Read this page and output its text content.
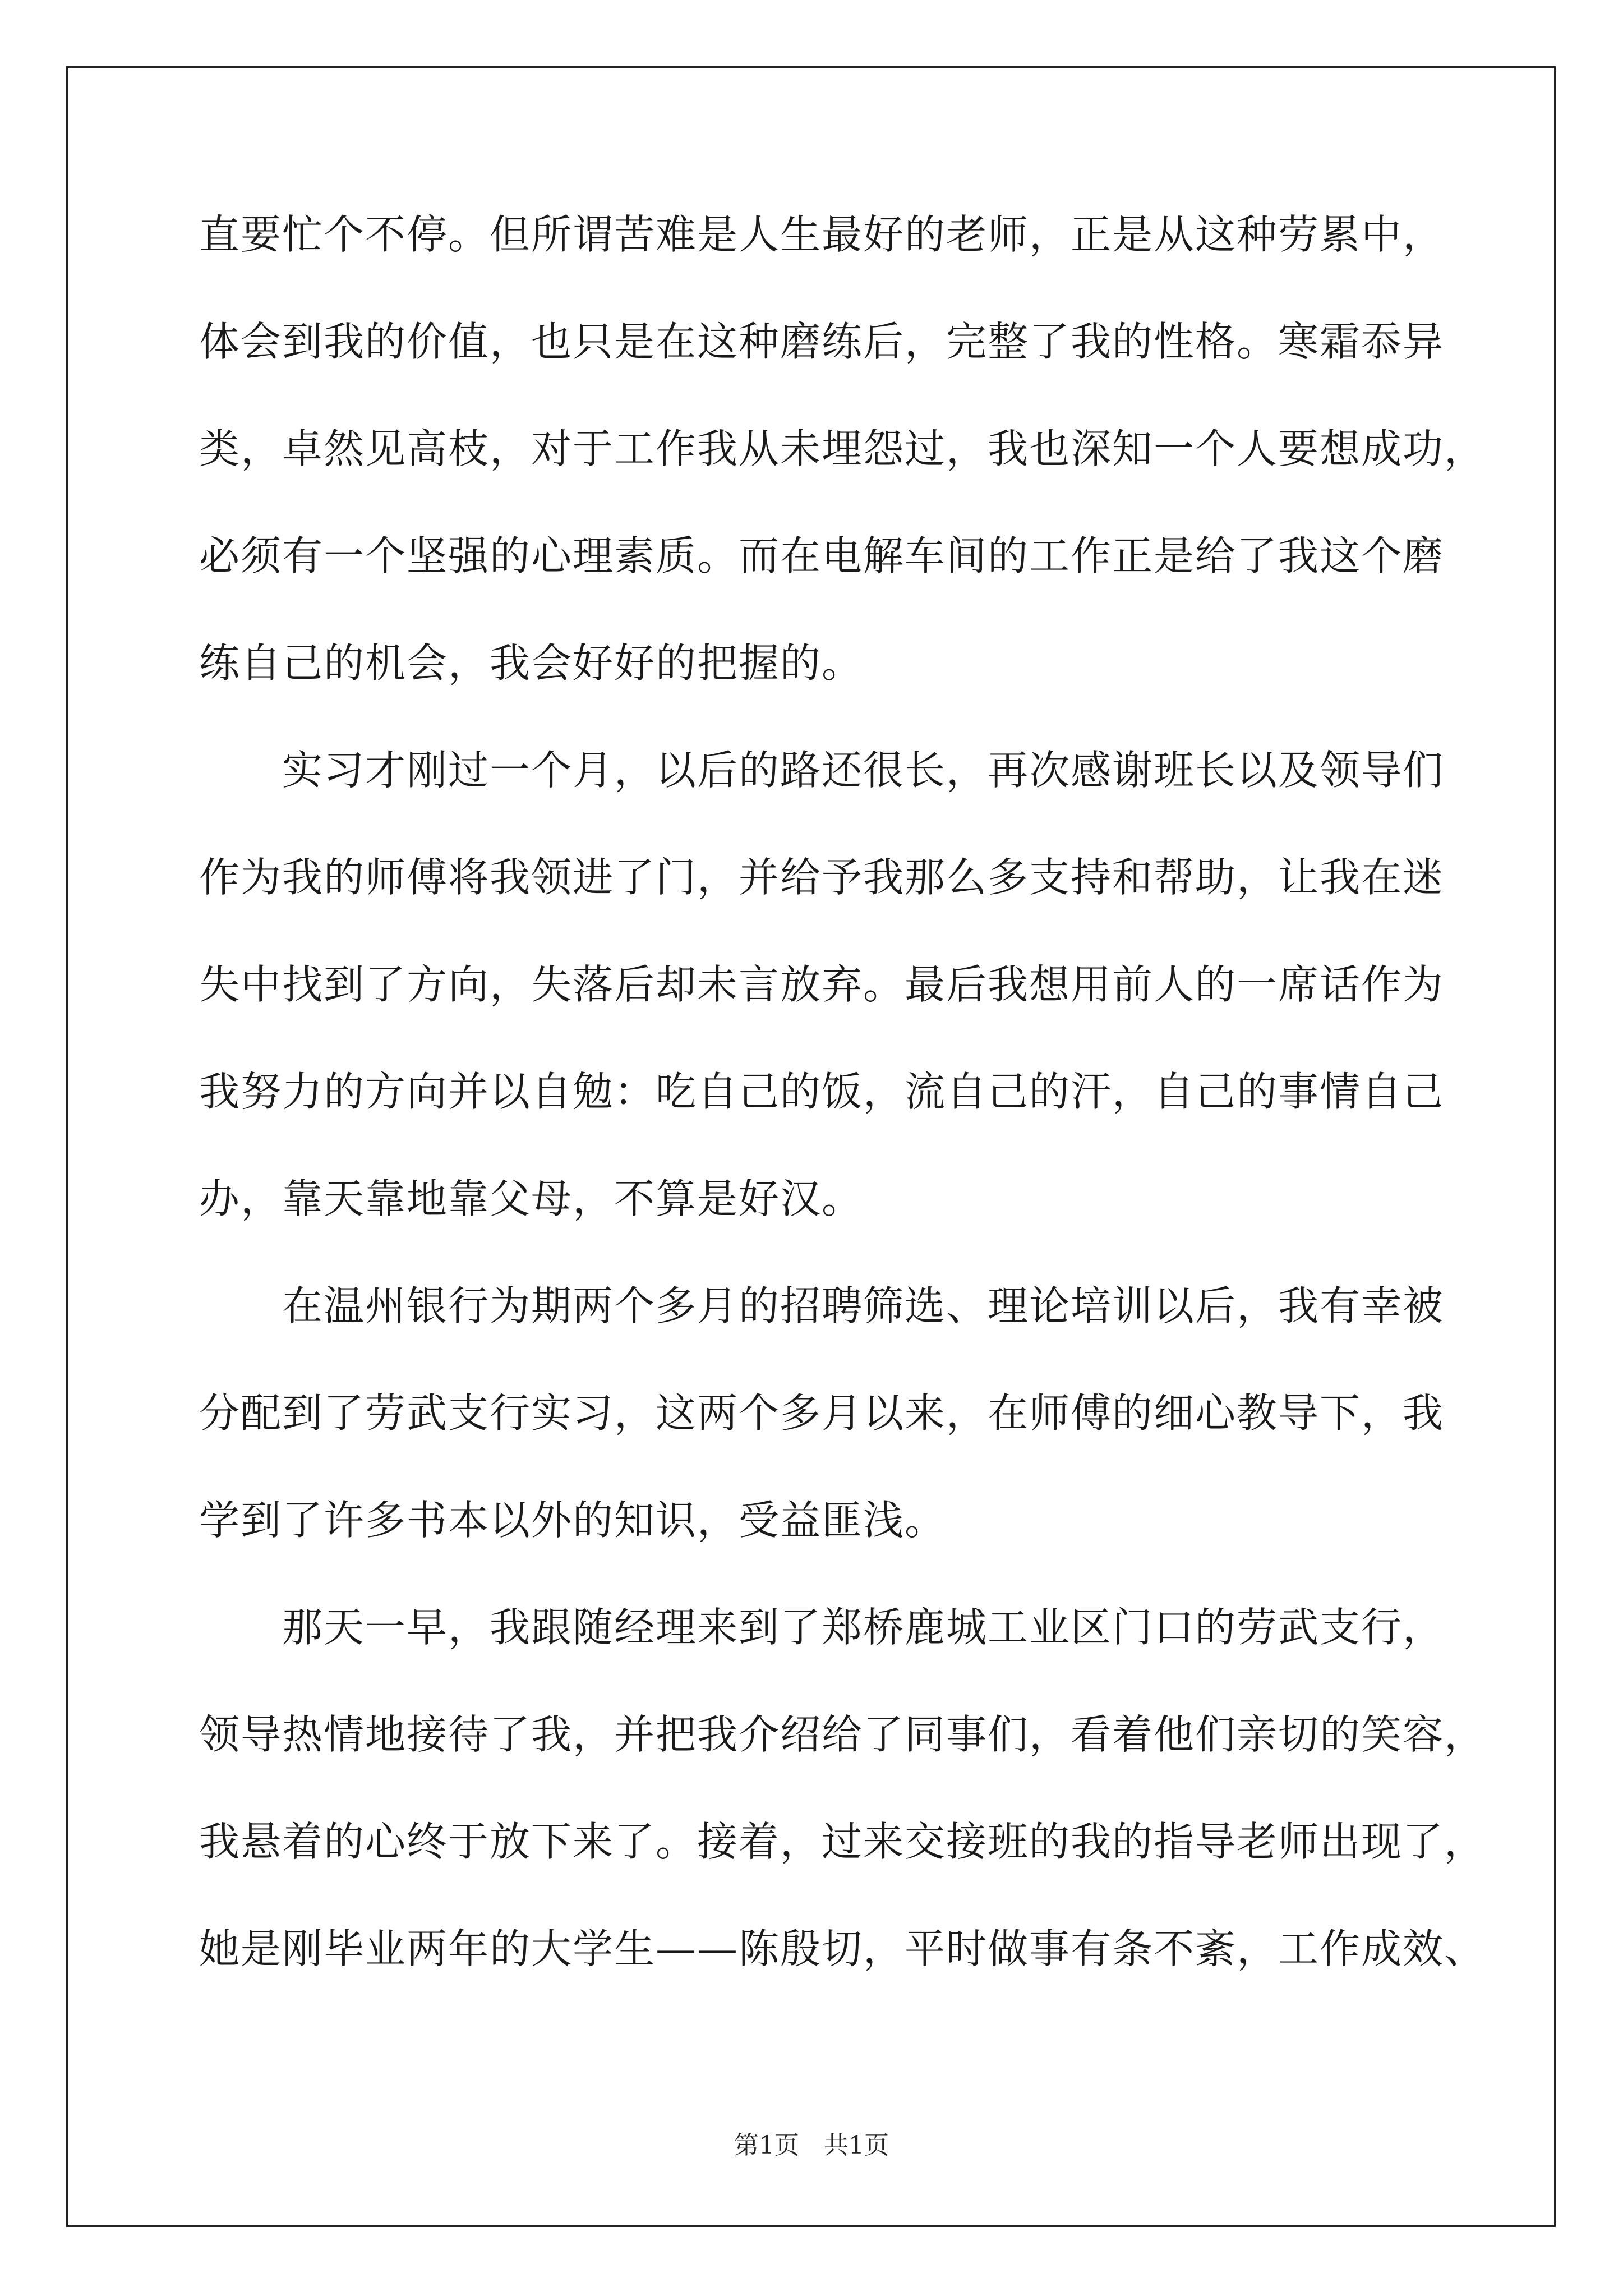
直要忙个不停。但所谓苦难是人生最好的老师，正是从这种劳累中，
体会到我的价值，也只是在这种磨练后，完整了我的性格。寒霜忝异
类，卓然见高枝，对于工作我从未埋怨过，我也深知一个人要想成功，
必须有一个坚强的心理素质。而在电解车间的工作正是给了我这个磨
练自己的机会，我会好好的把握的。
实习才刚过一个月，以后的路还很长，再次感谢班长以及领导们
作为我的师傅将我领进了门，并给予我那么多支持和帮助，让我在迷
失中找到了方向，失落后却未言放弃。最后我想用前人的一席话作为
我努力的方向并以自勉：吃自己的饭，流自己的汗，自己的事情自己
办，靠天靠地靠父母，不算是好汉。
在温州银行为期两个多月的招聘筛选、理论培训以后，我有幸被
分配到了劳武支行实习，这两个多月以来，在师傅的细心教导下，我
学到了许多书本以外的知识，受益匪浅。
那天一早，我跟随经理来到了郑桥鹿城工业区门口的劳武支行，
领导热情地接待了我，并把我介绍给了同事们，看着他们亲切的笑容，
我悬着的心终于放下来了。接着，过来交接班的我的指导老师出现了，
她是刚毕业两年的大学生——陈殷切，平时做事有条不紊，工作成效、
第1页　共1页
